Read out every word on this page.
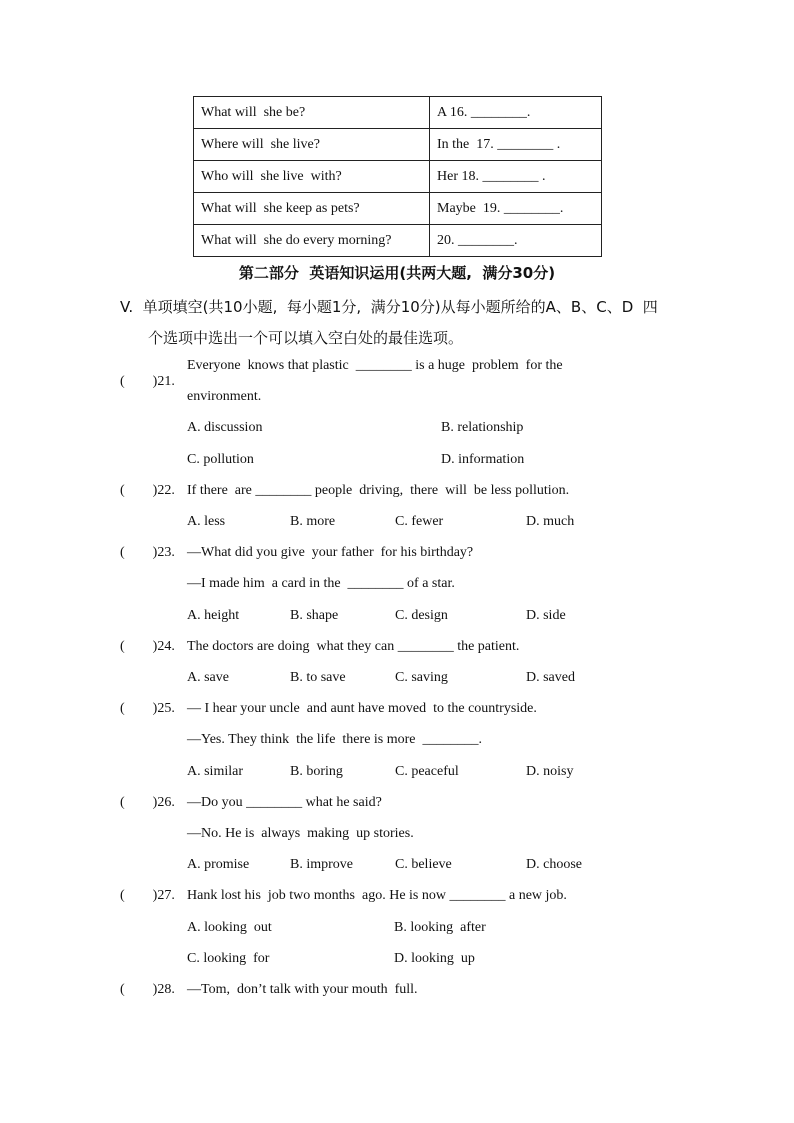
What will  she be?	A 16. ________.
Where will  she live?	In the  17. ________ .
Who will  she live  with?	Her 18. ________ .
What will  she keep as pets?	Maybe  19. ________.
What will  she do every morning?	20. ________.
第二部分  英语知识运用(共两大题,  满分30分)
V.  单项填空(共10小题,  每小题1分,  满分10分)从每小题所给的A、B、C、D  四
个选项中选出一个可以填入空白处的最佳选项。

(        )21.

Everyone  knows that plastic  ________ is a huge  problem  for the
environment.
A. discussion	B. relationship
C. pollution	D. information
(        )22. If there  are ________ people  driving,  there  will  be less pollution.
A. less	B. more	C. fewer	D. much
(        )23. —What did you give  your father  for his birthday?
—I made him  a card in the  ________ of a star.
A. height	B. shape	C. design	D. side
(        )24. The doctors are doing  what they can ________ the patient.
A. save	B. to save	C. saving	D. saved
(        )25. — I hear your uncle  and aunt have moved  to the countryside.
—Yes. They think  the life  there is more  ________.
A. similar	B. boring	C. peaceful	D. noisy
(        )26. —Do you ________ what he said?
—No. He is  always  making  up stories.
A. promise	B. improve	C. believe	D. choose
(        )27. Hank lost his  job two months  ago. He is now ________ a new job.
A. looking  out	B. looking  after
C. looking  for	D. looking  up
(        )28. —Tom,  don’t talk with your mouth  full.
